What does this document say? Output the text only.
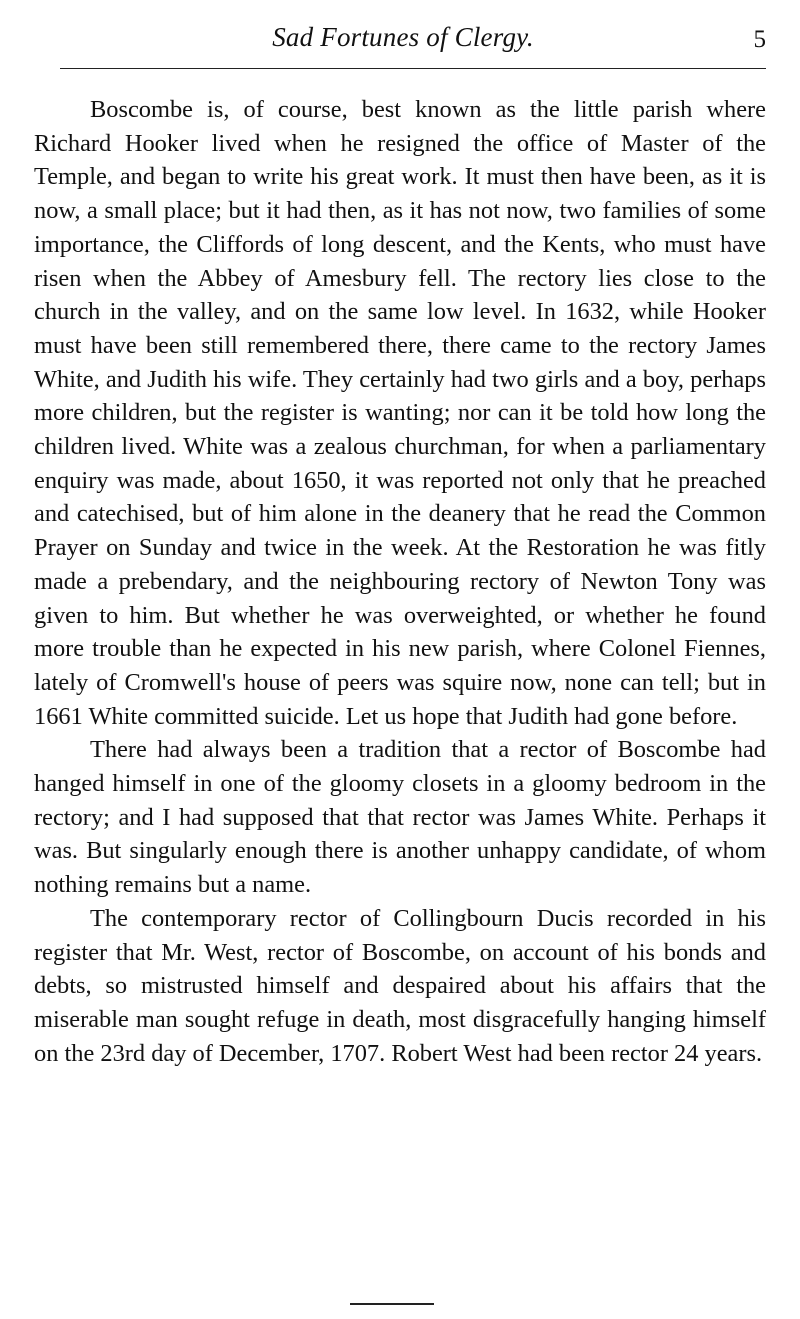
Sad Fortunes of Clergy.	5

Boscombe is, of course, best known as the little parish where Richard Hooker lived when he resigned the office of Master of the Temple, and began to write his great work. It must then have been, as it is now, a small place; but it had then, as it has not now, two families of some importance, the Cliffords of long descent, and the Kents, who must have risen when the Abbey of Amesbury fell. The rectory lies close to the church in the valley, and on the same low level. In 1632, while Hooker must have been still remembered there, there came to the rectory James White, and Judith his wife. They certainly had two girls and a boy, perhaps more children, but the register is wanting; nor can it be told how long the children lived. White was a zealous churchman, for when a parliamentary enquiry was made, about 1650, it was reported not only that he preached and catechised, but of him alone in the deanery that he read the Common Prayer on Sunday and twice in the week. At the Restoration he was fitly made a prebendary, and the neighbouring rectory of Newton Tony was given to him. But whether he was overweighted, or whether he found more trouble than he expected in his new parish, where Colonel Fiennes, lately of Cromwell's house of peers was squire now, none can tell; but in 1661 White committed suicide. Let us hope that Judith had gone before.

There had always been a tradition that a rector of Boscombe had hanged himself in one of the gloomy closets in a gloomy bedroom in the rectory; and I had supposed that that rector was James White. Perhaps it was. But singularly enough there is another unhappy candidate, of whom nothing remains but a name.

The contemporary rector of Collingbourn Ducis recorded in his register that Mr. West, rector of Boscombe, on account of his bonds and debts, so mistrusted himself and despaired about his affairs that the miserable man sought refuge in death, most disgracefully hanging himself on the 23rd day of December, 1707. Robert West had been rector 24 years.
